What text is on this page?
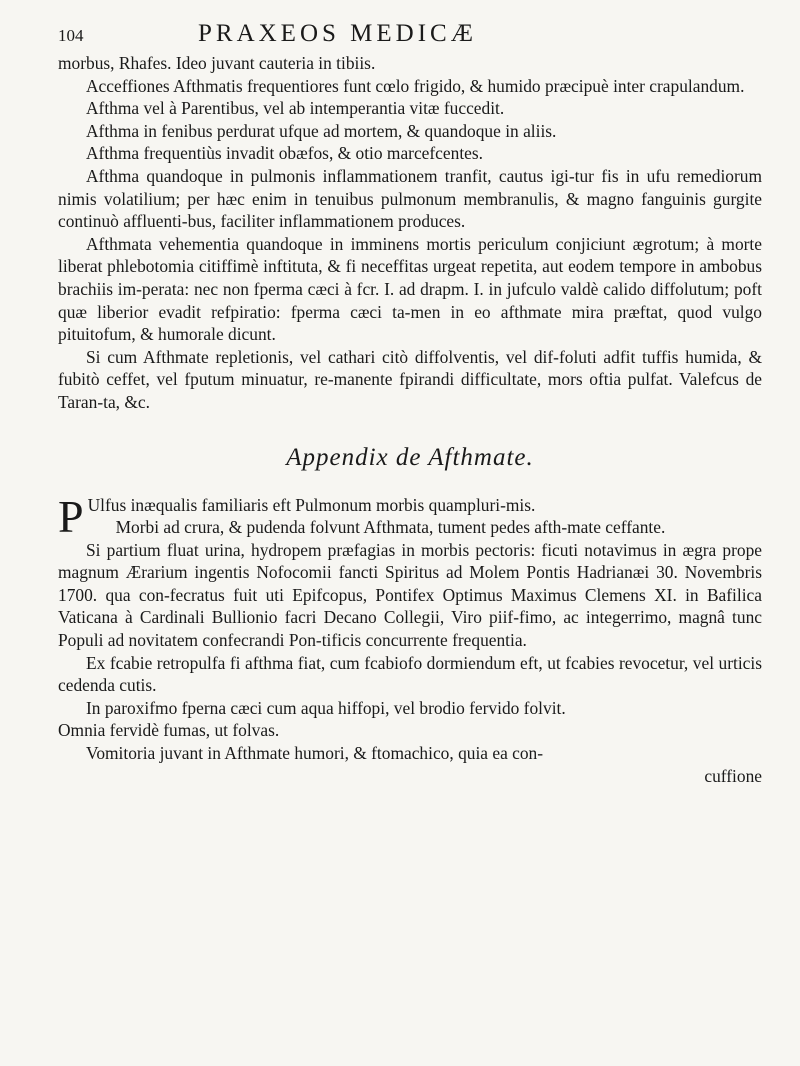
104	PRAXEOS MEDICÆ

morbus, Rhafes. Ideo juvant cauteria in tibiis.

Acceffiones Afthmatis frequentiores funt cœlo frigido, & humido præcipuè inter crapulandum.

Afthma vel à Parentibus, vel ab intemperantia vitæ fuccedit.

Afthma in fenibus perdurat ufque ad mortem, & quandoque in aliis.

Afthma frequentiùs invadit obæfos, & otio marcefcentes.

Afthma quandoque in pulmonis inflammationem tranfit, cautus igi-tur fis in ufu remediorum nimis volatilium; per hæc enim in tenuibus pulmonum membranulis, & magno fanguinis gurgite continuò affluenti-bus, faciliter inflammationem produces.

Afthmata vehementia quandoque in imminens mortis periculum conjiciunt ægrotum; à morte liberat phlebotomia citiffimè inftituta, & fi neceffitas urgeat repetita, aut eodem tempore in ambobus brachiis im-perata: nec non fperma cæci à fcr. I. ad drapm. I. in jufculo valdè calido diffolutum; poft quæ liberior evadit refpiratio: fperma cæci ta-men in eo afthmate mira præftat, quod vulgo pituitofum, & humorale dicunt.

Si cum Afthmate repletionis, vel cathari citò diffolventis, vel dif-foluti adfit tuffis humida, & fubitò ceffet, vel fputum minuatur, re-manente fpirandi difficultate, mors oftia pulfat. Valefcus de Taran-ta, &c.

Appendix de Afthmate.

P Ulfus inæqualis familiaris eft Pulmonum morbis quampluri-mis.

Morbi ad crura, & pudenda folvunt Afthmata, tument pedes afth-mate ceffante.

Si partium fluat urina, hydropem præfagias in morbis pectoris: ficuti notavimus in ægra prope magnum Ærarium ingentis Nofocomii fancti Spiritus ad Molem Pontis Hadrianæi 30. Novembris 1700. qua con-fecratus fuit uti Epifcopus, Pontifex Optimus Maximus Clemens XI. in Bafilica Vaticana à Cardinali Bullionio facri Decano Collegii, Viro piif-fimo, ac integerrimo, magnâ tunc Populi ad novitatem confecrandi Pon-tificis concurrente frequentia.

Ex fcabie retropulfa fi afthma fiat, cum fcabiofo dormiendum eft, ut fcabies revocetur, vel urticis cedenda cutis.

In paroxifmo fperna cæci cum aqua hiffopi, vel brodio fervido folvit.

Omnia fervidè fumas, ut folvas.

Vomitoria juvant in Afthmate humori, & ftomachico, quia ea con-

cuffione
